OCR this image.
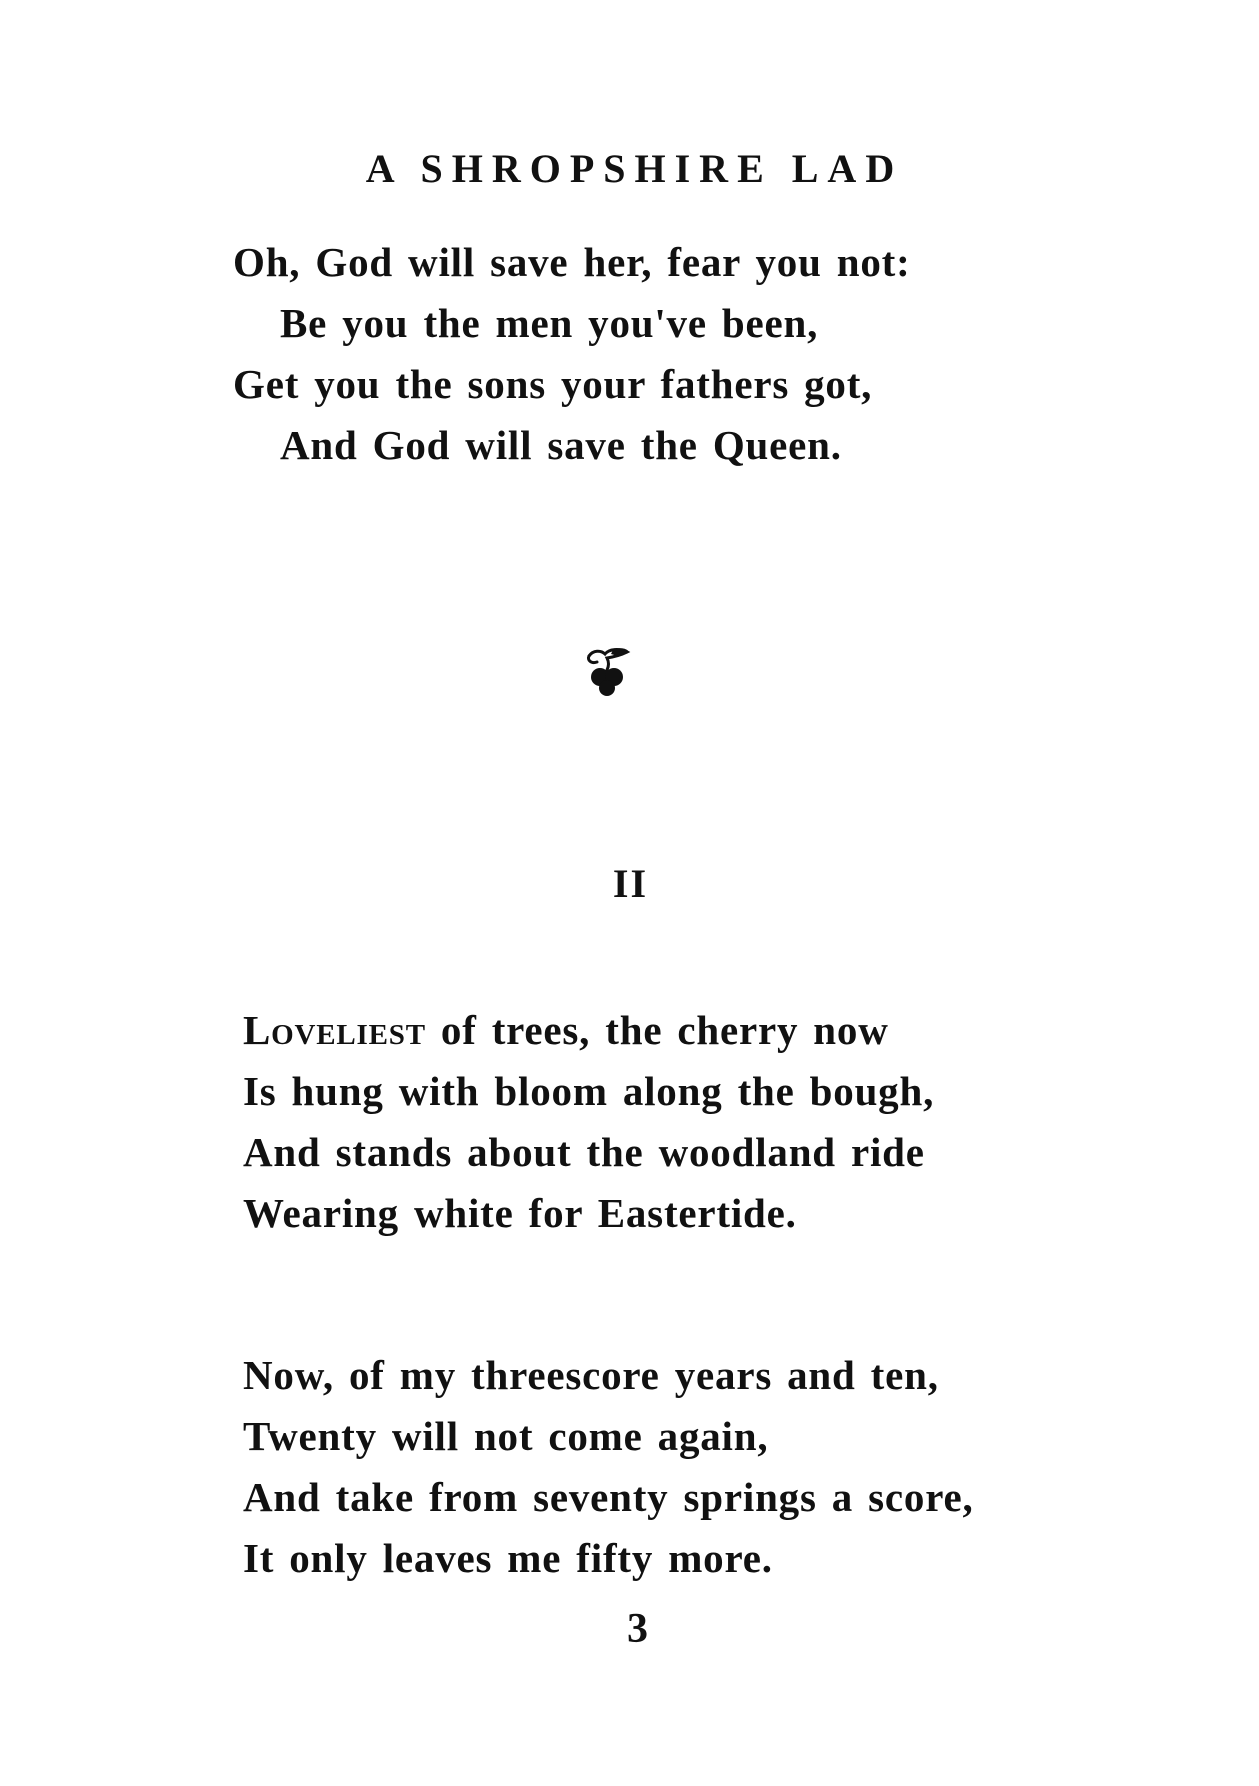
A SHROPSHIRE LAD
Oh, God will save her, fear you not:
Be you the men you've been,
Get you the sons your fathers got,
And God will save the Queen.
II
Loveliest of trees, the cherry now
Is hung with bloom along the bough,
And stands about the woodland ride
Wearing white for Eastertide.
Now, of my threescore years and ten,
Twenty will not come again,
And take from seventy springs a score,
It only leaves me fifty more.
3
